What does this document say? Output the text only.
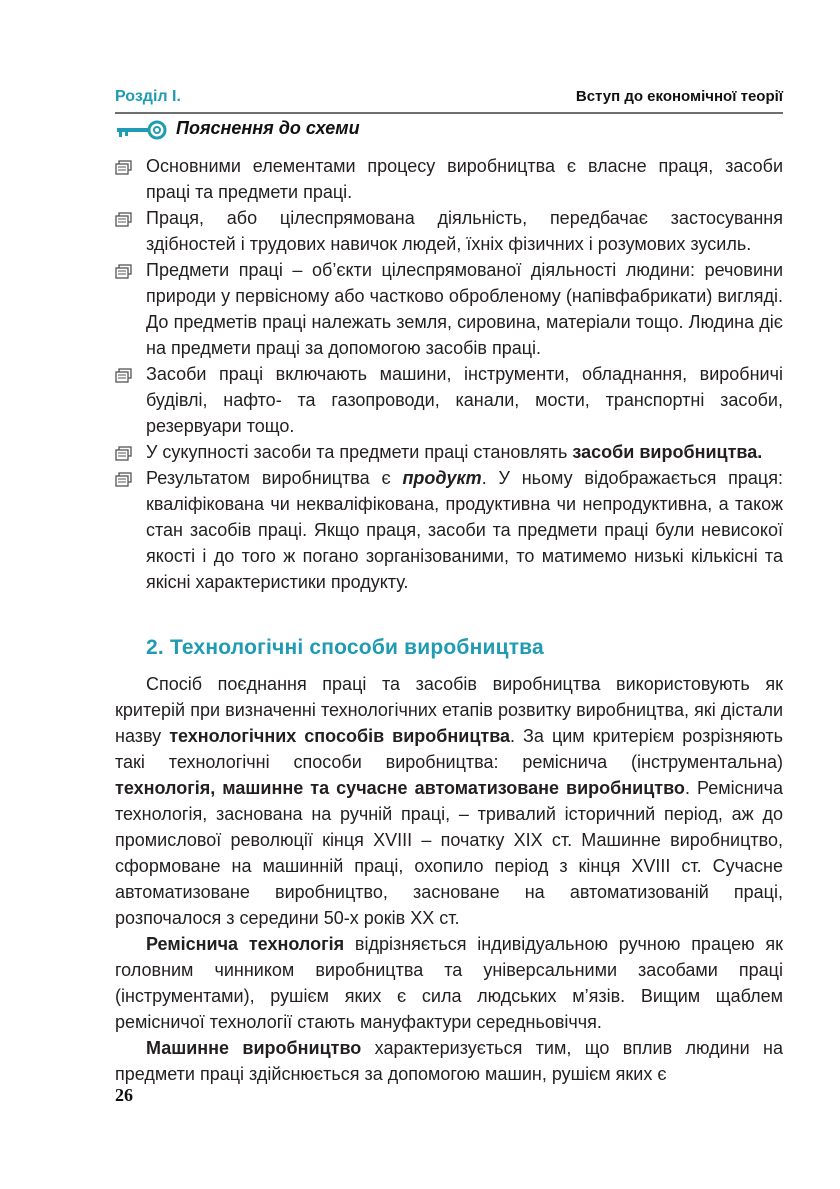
Розділ І.	Вступ до економічної теорії
Пояснення до схеми

Основними елементами процесу виробництва є власне праця, засоби праці та предмети праці.

Праця, або цілеспрямована діяльність, передбачає застосування здібностей і трудових навичок людей, їхніх фізичних і розумових зусиль.

Предмети праці – об’єкти цілеспрямованої діяльності людини: речовини природи у первісному або частково обробленому (напівфабрикати) вигляді. До предметів праці належать земля, сировина, матеріали тощо. Людина діє на предмети праці за допомогою засобів праці.

Засоби праці включають машини, інструменти, обладнання, виробничі будівлі, нафто- та газопроводи, канали, мости, транспортні засоби, резервуари тощо.

У сукупності засоби та предмети праці становлять засоби виробництва.

Результатом виробництва є продукт. У ньому відображається праця: кваліфікована чи некваліфікована, продуктивна чи непродуктивна, а також стан засобів праці. Якщо праця, засоби та предмети праці були невисокої якості і до того ж погано зорганізованими, то матимемо низькі кількісні та якісні характеристики продукту.

2. Технологічні способи виробництва

Спосіб поєднання праці та засобів виробництва використовують як критерій при визначенні технологічних етапів розвитку виробництва, які дістали назву технологічних способів виробництва. За цим критерієм розрізняють такі технологічні способи виробництва: реміснича (інструментальна) технологія, машинне та сучасне автоматизоване виробництво. Реміснича технологія, заснована на ручній праці, – тривалий історичний період, аж до промислової революції кінця XVIII – початку XIX ст. Машинне виробництво, сформоване на машинній праці, охопило період з кінця XVIII ст. Сучасне автоматизоване виробництво, засноване на автоматизованій праці, розпочалося з середини 50-х років XX ст.

Реміснича технологія відрізняється індивідуальною ручною працею як головним чинником виробництва та універсальними засобами праці (інструментами), рушієм яких є сила людських м’язів. Вищим щаблем ремісничої технології стають мануфактури середньовіччя.

Машинне виробництво характеризується тим, що вплив людини на предмети праці здійснюється за допомогою машин, рушієм яких є

26
